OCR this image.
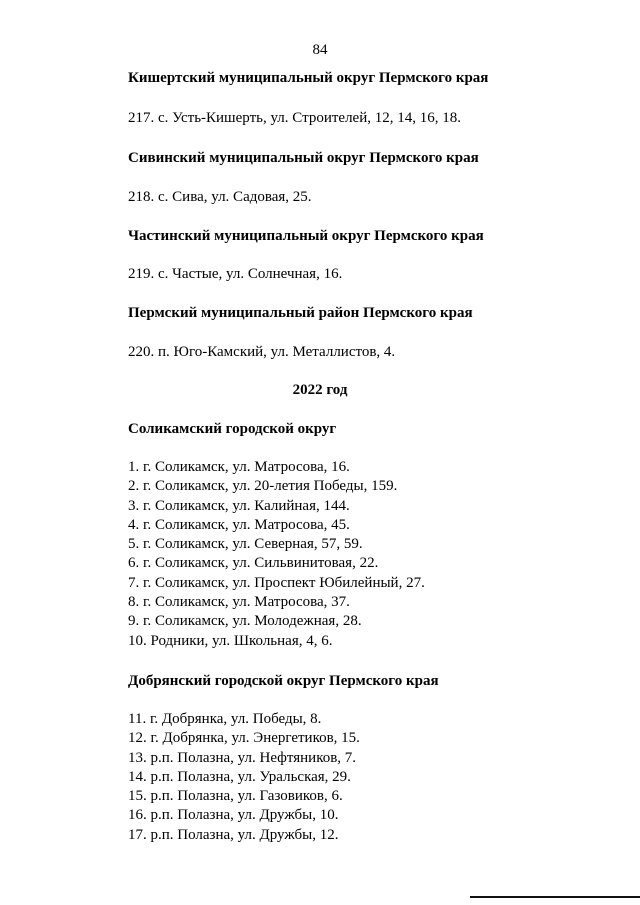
84
Кишертский муниципальный округ Пермского края
217. с. Усть-Кишерть, ул. Строителей, 12, 14, 16, 18.
Сивинский муниципальный округ Пермского края
218. с. Сива, ул. Садовая, 25.
Частинский муниципальный округ Пермского края
219. с. Частые, ул. Солнечная, 16.
Пермский муниципальный район Пермского края
220. п. Юго-Камский, ул. Металлистов, 4.
2022 год
Соликамский городской округ
1. г. Соликамск, ул. Матросова, 16.
2. г. Соликамск, ул. 20-летия Победы, 159.
3. г. Соликамск, ул. Калийная, 144.
4. г. Соликамск, ул. Матросова, 45.
5. г. Соликамск, ул. Северная, 57, 59.
6. г. Соликамск, ул. Сильвинитовая, 22.
7. г. Соликамск, ул. Проспект Юбилейный, 27.
8. г. Соликамск, ул. Матросова, 37.
9. г. Соликамск, ул. Молодежная, 28.
10. Родники, ул. Школьная, 4, 6.
Добрянский городской округ Пермского края
11. г. Добрянка, ул. Победы, 8.
12. г. Добрянка, ул. Энергетиков, 15.
13. р.п. Полазна, ул. Нефтяников, 7.
14. р.п. Полазна, ул. Уральская, 29.
15. р.п. Полазна, ул. Газовиков, 6.
16. р.п. Полазна, ул. Дружбы, 10.
17. р.п. Полазна, ул. Дружбы, 12.
